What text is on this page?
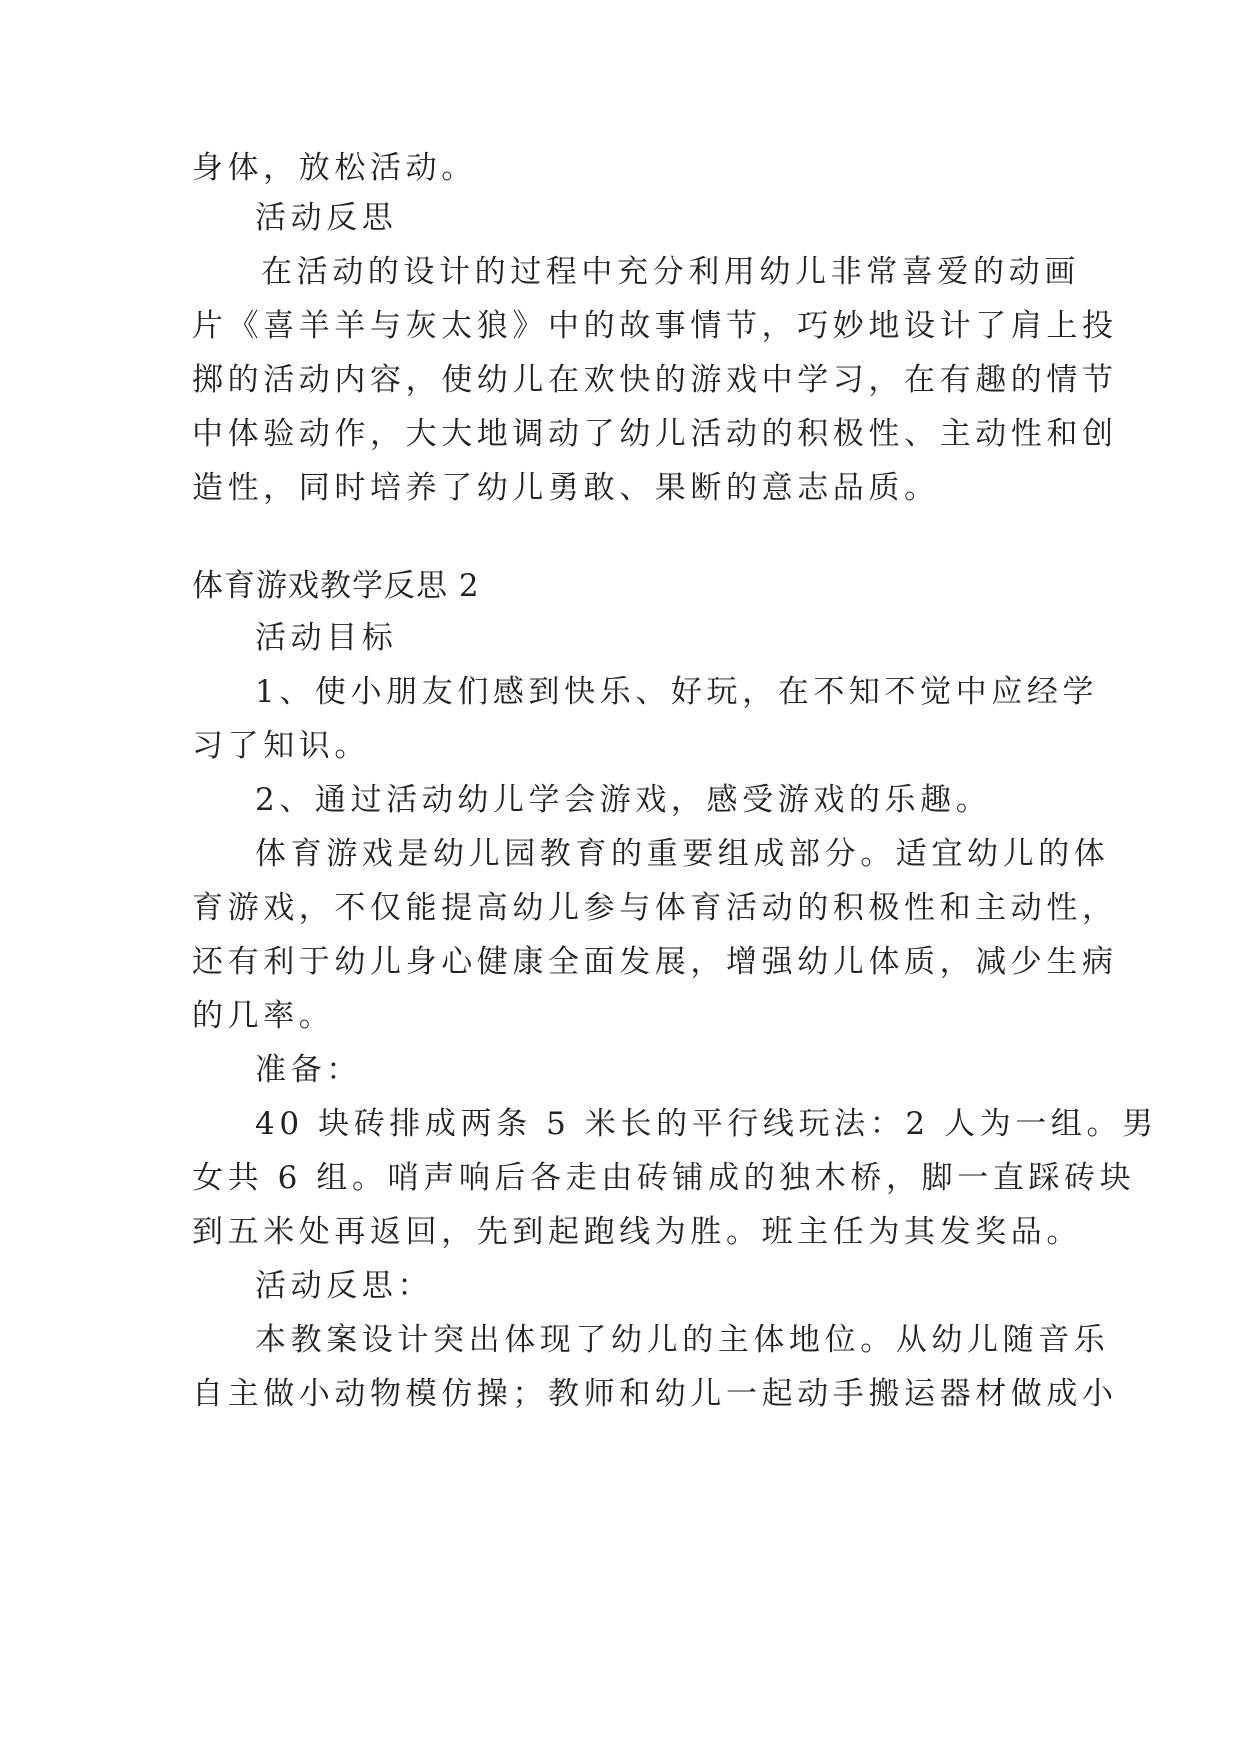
身体，放松活动。
活动反思
在活动的设计的过程中充分利用幼儿非常喜爱的动画
片《喜羊羊与灰太狼》中的故事情节，巧妙地设计了肩上投
掷的活动内容，使幼儿在欢快的游戏中学习，在有趣的情节
中体验动作，大大地调动了幼儿活动的积极性、主动性和创
造性，同时培养了幼儿勇敢、果断的意志品质。
体育游戏教学反思 2
活动目标
1、使小朋友们感到快乐、好玩，在不知不觉中应经学
习了知识。
2、通过活动幼儿学会游戏，感受游戏的乐趣。
体育游戏是幼儿园教育的重要组成部分。适宜幼儿的体
育游戏，不仅能提高幼儿参与体育活动的积极性和主动性，
还有利于幼儿身心健康全面发展，增强幼儿体质，减少生病
的几率。
准备：
40 块砖排成两条 5 米长的平行线玩法：2 人为一组。男
女共 6 组。哨声响后各走由砖铺成的独木桥，脚一直踩砖块
到五米处再返回，先到起跑线为胜。班主任为其发奖品。
活动反思：
本教案设计突出体现了幼儿的主体地位。从幼儿随音乐
自主做小动物模仿操；教师和幼儿一起动手搬运器材做成小
